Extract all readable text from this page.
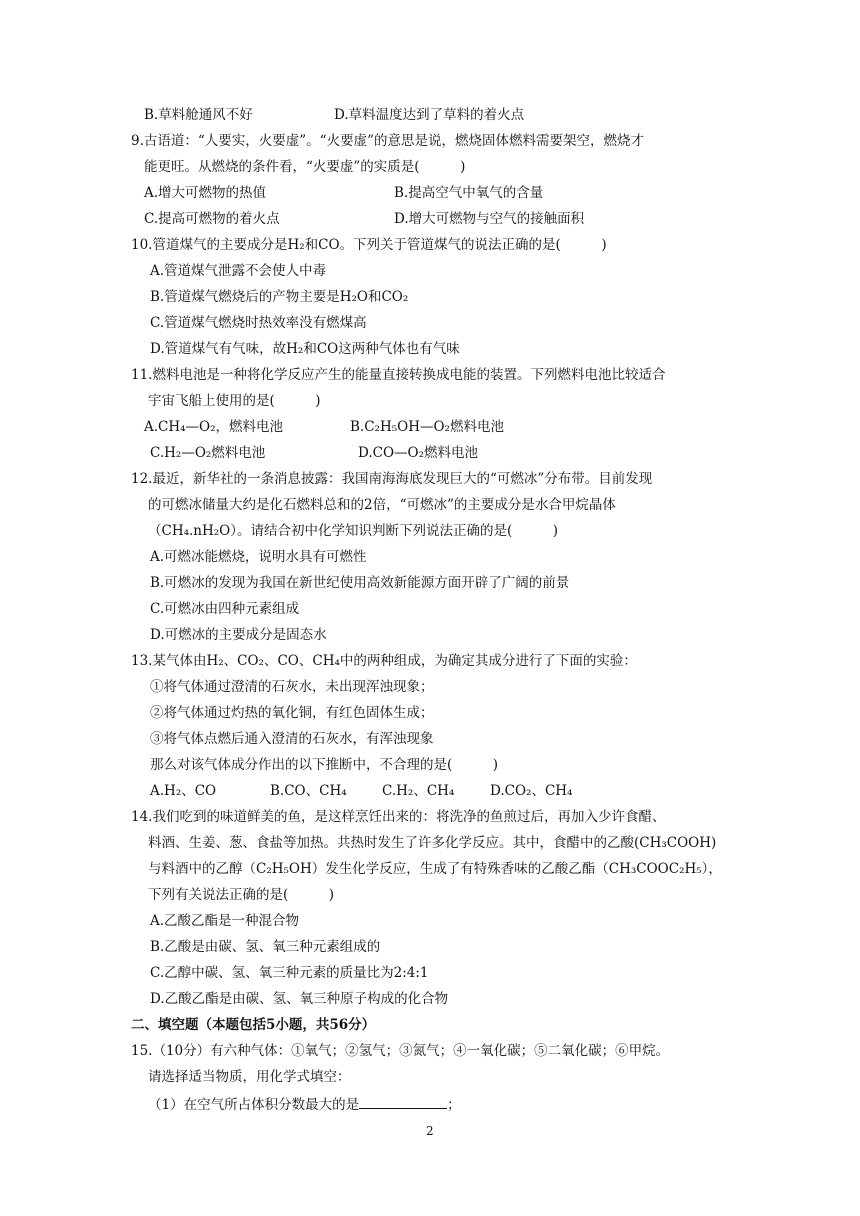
B.草料舱通风不好	D.草料温度达到了草料的着火点
9.古语道：“人要实，火要虚”。“火要虚”的意思是说，燃烧固体燃料需要架空，燃烧才
能更旺。从燃烧的条件看，“火要虚”的实质是(　　　)
A.增大可燃物的热值	B.提高空气中氧气的含量
C.提高可燃物的着火点	D.增大可燃物与空气的接触面积
10.管道煤气的主要成分是H₂和CO。下列关于管道煤气的说法正确的是(　　　)
A.管道煤气泄露不会使人中毒
B.管道煤气燃烧后的产物主要是H₂O和CO₂
C.管道煤气燃烧时热效率没有燃煤高
D.管道煤气有气味，故H₂和CO这两种气体也有气味
11.燃料电池是一种将化学反应产生的能量直接转换成电能的装置。下列燃料电池比较适合
宇宙飞船上使用的是(　　　)
A.CH₄—O₂，燃料电池	B.C₂H₅OH—O₂燃料电池
C.H₂—O₂燃料电池	D.CO—O₂燃料电池
12.最近，新华社的一条消息披露：我国南海海底发现巨大的“可燃冰”分布带。目前发现
的可燃冰储量大约是化石燃料总和的2倍，“可燃冰”的主要成分是水合甲烷晶体
（CH₄.nH₂O）。请结合初中化学知识判断下列说法正确的是(　　　)
A.可燃冰能燃烧，说明水具有可燃性
B.可燃冰的发现为我国在新世纪使用高效新能源方面开辟了广阔的前景
C.可燃冰由四种元素组成
D.可燃冰的主要成分是固态水
13.某气体由H₂、CO₂、CO、CH₄中的两种组成，为确定其成分进行了下面的实验：
①将气体通过澄清的石灰水，未出现浑浊现象；
②将气体通过灼热的氧化铜，有红色固体生成；
③将气体点燃后通入澄清的石灰水，有浑浊现象
那么对该气体成分作出的以下推断中，不合理的是(　　　)
A.H₂、CO	B.CO、CH₄	C.H₂、CH₄	D.CO₂、CH₄
14.我们吃到的味道鲜美的鱼，是这样烹饪出来的：将洗净的鱼煎过后，再加入少许食醋、
料酒、生姜、葱、食盐等加热。共热时发生了许多化学反应。其中，食醋中的乙酸(CH₃COOH)
与料酒中的乙醇（C₂H₅OH）发生化学反应，生成了有特殊香味的乙酸乙酯（CH₃COOC₂H₅），
下列有关说法正确的是(　　　)
A.乙酸乙酯是一种混合物
B.乙酸是由碳、氢、氧三种元素组成的
C.乙醇中碳、氢、氧三种元素的质量比为2:4:1
D.乙酸乙酯是由碳、氢、氧三种原子构成的化合物
二、填空题（本题包括5小题，共56分）
15.（10分）有六种气体：①氧气；②氢气；③氮气；④一氧化碳；⑤二氧化碳；⑥甲烷。
请选择适当物质，用化学式填空：
（1）在空气所占体积分数最大的是	；
2
